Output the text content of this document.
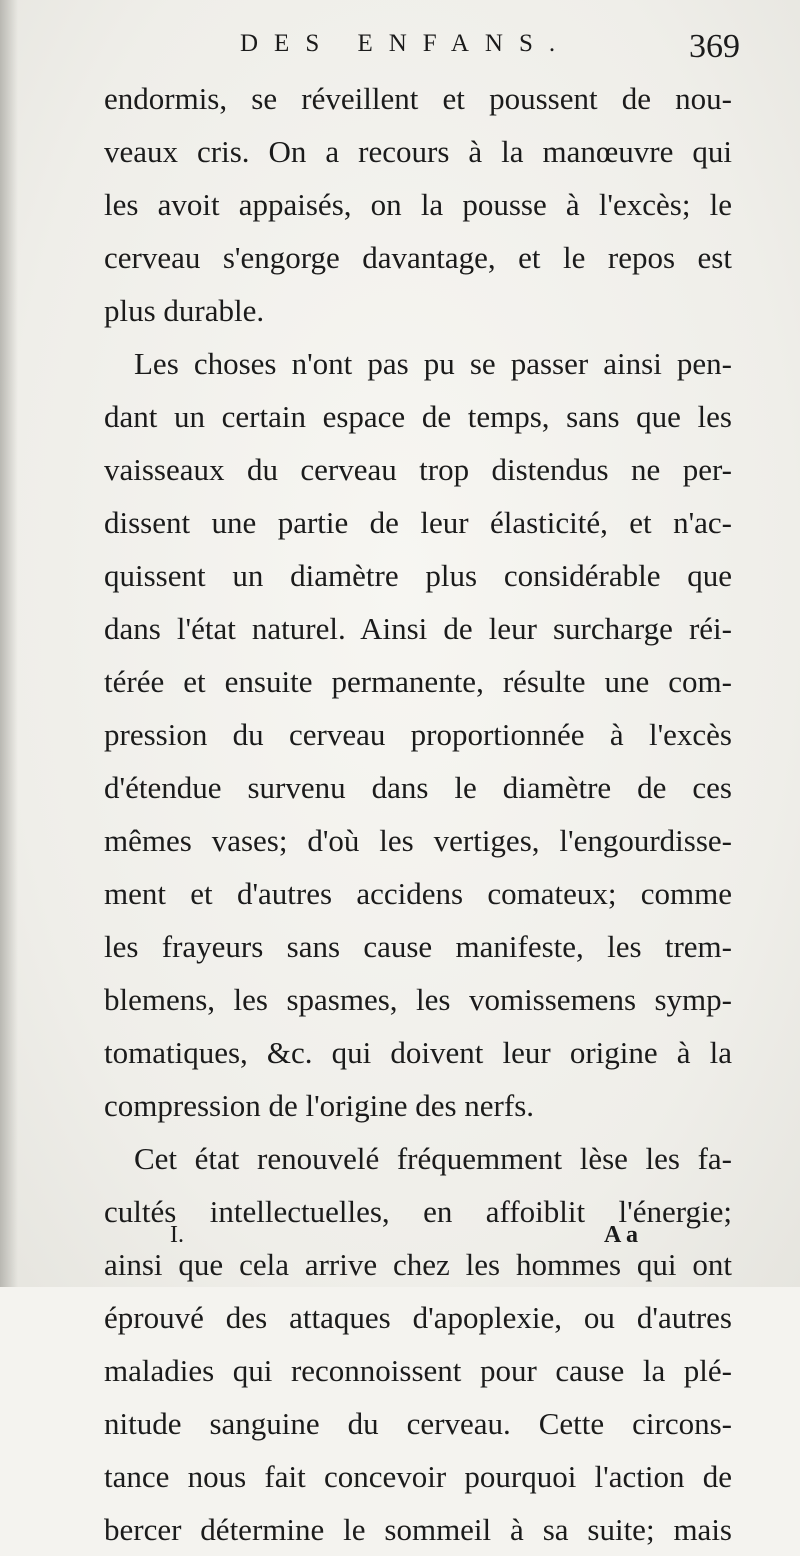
DES ENFANS.	369
endormis, se réveillent et poussent de nou-
veaux cris. On a recours à la manœuvre qui
les avoit appaisés, on la pousse à l'excès; le
cerveau s'engorge davantage, et le repos est
plus durable.
Les choses n'ont pas pu se passer ainsi pen-
dant un certain espace de temps, sans que les
vaisseaux du cerveau trop distendus ne per-
dissent une partie de leur élasticité, et n'ac-
quissent un diamètre plus considérable que
dans l'état naturel. Ainsi de leur surcharge réi-
térée et ensuite permanente, résulte une com-
pression du cerveau proportionnée à l'excès
d'étendue survenu dans le diamètre de ces
mêmes vases; d'où les vertiges, l'engourdisse-
ment et d'autres accidens comateux; comme
les frayeurs sans cause manifeste, les trem-
blemens, les spasmes, les vomissemens symp-
tomatiques, &c. qui doivent leur origine à la
compression de l'origine des nerfs.
Cet état renouvelé fréquemment lèse les fa-
cultés intellectuelles, en affoiblit l'énergie;
ainsi que cela arrive chez les hommes qui ont
éprouvé des attaques d'apoplexie, ou d'autres
maladies qui reconnoissent pour cause la plé-
nitude sanguine du cerveau. Cette circons-
tance nous fait concevoir pourquoi l'action de
bercer détermine le sommeil à sa suite; mais
I.	A a
